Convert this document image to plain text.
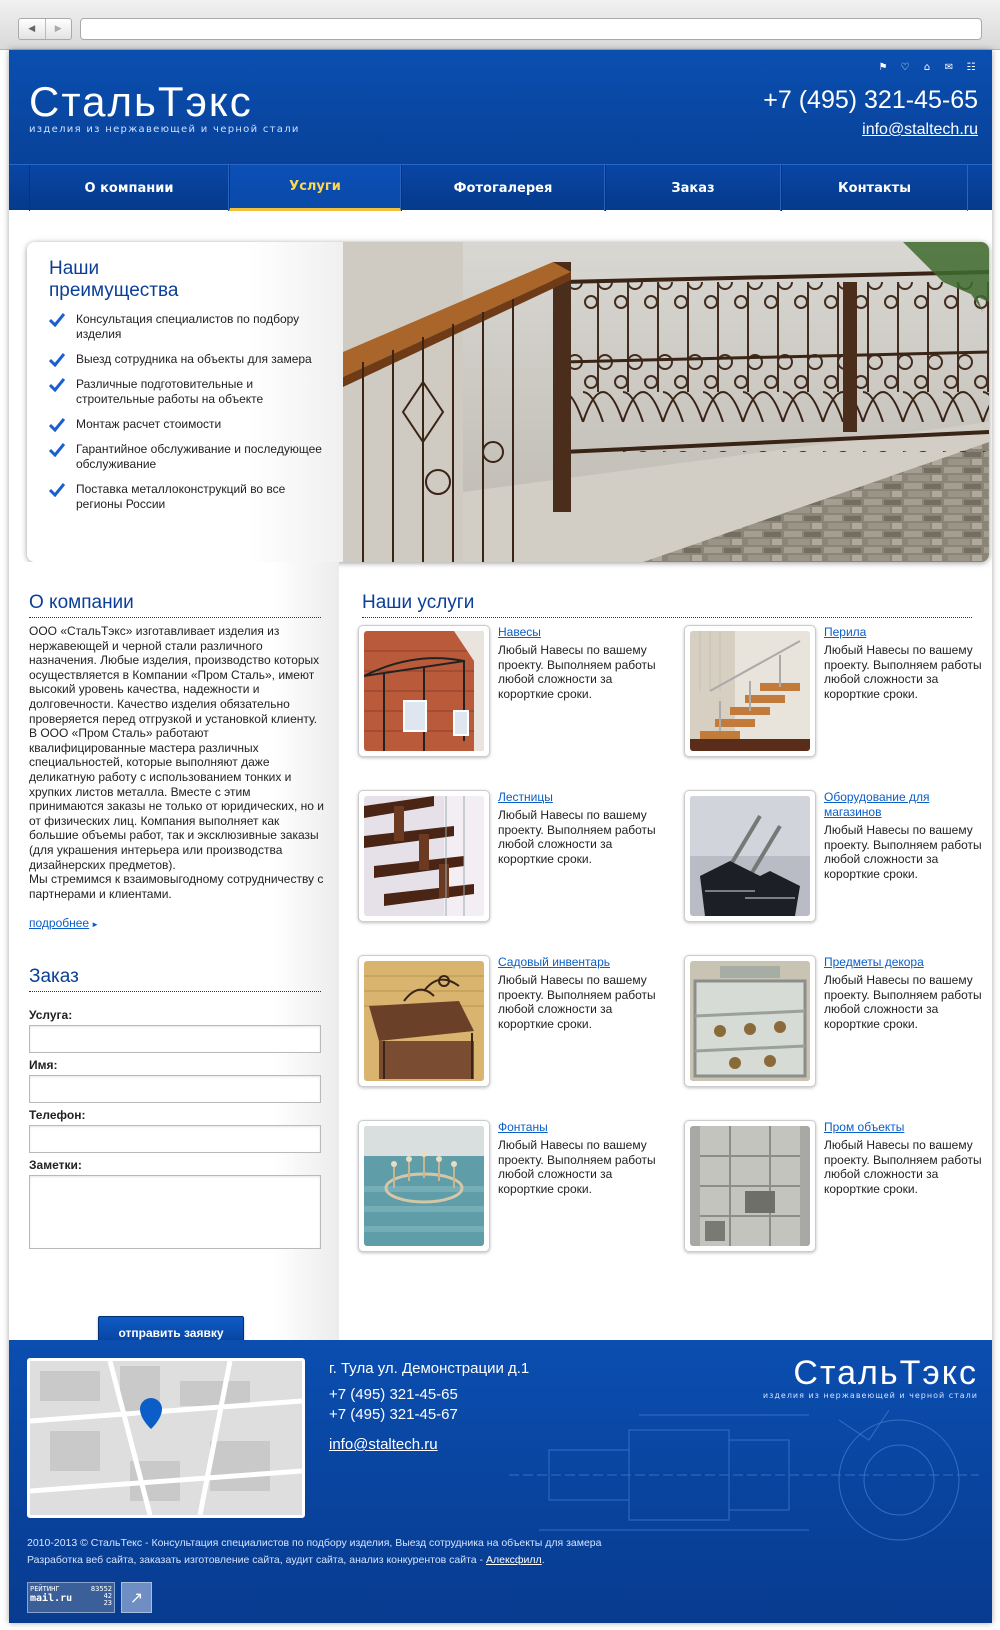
◀	▶
СтальТэкс
изделия из нержавеющей и черной стали
⚑ ♡	⌂	✉ ☷
+7 (495) 321-45-65
info@staltech.ru
О компании	Услуги	Фотогалерея	Заказ	Контакты
Наши
преимущества
Консультация специалистов по подбору изделия
Выезд сотрудника на объекты для замера
Различные подготовительные и строительные работы на объекте
Монтаж расчет стоимости
Гарантийное обслуживание и последующее обслуживание
Поставка металлоконструкций во все регионы России
О компании

ООО «СтальТэкс» изготавливает изделия из нержавеющей и черной стали различного назначения. Любые изделия, производство которых осуществляется в Компании «Пром Сталь», имеют высокий уровень качества, надежности и долговечности. Качество изделия обязательно проверяется перед отгрузкой и установкой клиенту.

В ООО «Пром Сталь» работают квалифицированные мастера различных специальностей, которые выполняют даже деликатную работу с использованием тонких и хрупких листов металла. Вместе с этим принимаются заказы не только от юридических, но и от физических лиц. Компания выполняет как большие объемы работ, так и эксклюзивные заказы (для украшения интерьера или производства дизайнерских предметов).

Мы стремимся к взаимовыгодному сотрудничеству с партнерами и клиентами.

подробнее ►
Заказ
Услуга:
Имя:
Телефон:
Заметки:
отправить заявку
Наши услуги
Навесы
Любый Навесы по вашему проекту. Выполняем работы любой сложности за корорткие сроки.
Перила
Любый Навесы по вашему проекту. Выполняем работы любой сложности за корорткие сроки.
Лестницы
Любый Навесы по вашему проекту. Выполняем работы любой сложности за корорткие сроки.
Оборудование для магазинов
Любый Навесы по вашему проекту. Выполняем работы любой сложности за корорткие сроки.
Садовый инвентарь
Любый Навесы по вашему проекту. Выполняем работы любой сложности за корорткие сроки.
Предметы декора
Любый Навесы по вашему проекту. Выполняем работы любой сложности за корорткие сроки.
Фонтаны
Любый Навесы по вашему проекту. Выполняем работы любой сложности за корорткие сроки.
Пром объекты
Любый Навесы по вашему проекту. Выполняем работы любой сложности за корорткие сроки.
г. Тула ул. Демонстрации д.1
+7 (495) 321-45-65
+7 (495) 321-45-67
info@staltech.ru
СтальТэкс
изделия из нержавеющей и черной стали
2010-2013 © СтальТекс - Консультация специалистов по подбору изделия, Выезд сотрудника на объекты для замера
Разработка веб сайта, заказать изготовление сайта, аудит сайта, анализ конкурентов сайта - Алексфилл.
РЕЙТИНГ	83552
mail.ru	42
23	↗
